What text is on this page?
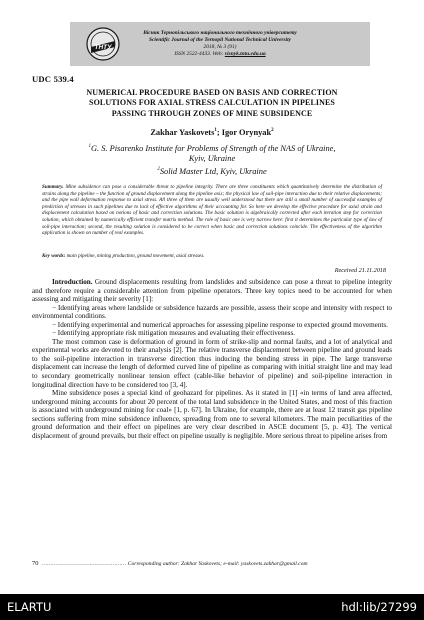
Вісник Тернопільського національного технічного університету
Scientific Journal of the Ternopil National Technical University
2018, № 3 (91)
ISSN 2522-4433. Web: visnyk.tntu.edu.ua
ТНТУ
UDC 539.4
NUMERICAL PROCEDURE BASED ON BASIS AND CORRECTION
SOLUTIONS FOR AXIAL STRESS CALCULATION IN PIPELINES
PASSING THROUGH ZONES OF MINE SUBSIDENCE
Zakhar Yaskovets$^1$; Igor Orynyak$^2$
$^1$G. S. Pisarenko Institute for Problems of Strength of the NAS of Ukraine,
Kyiv, Ukraine
$^2$Solid Master Ltd, Kyiv, Ukraine
Summary. Mine subsidence can pose a considerable threat to pipeline integrity. There are three constituents which quantitatively determine the distribution of strains along the pipeline – the function of ground displacement along the pipeline axis; the physical law of soil-pipe interaction due to their relative displacements; and the pipe wall deformation response to axial stress. All three of them are usually well understood but there are still a small number of successful examples of prediction of stresses in such pipelines due to lack of effective algorithms of their accounting for. So here we develop the effective procedure for axial strain and displacement calculation based on notions of basic and correction solutions. The basic solution is algebraically corrected after each iteration step for correction solution, which obtained by numerically efficient transfer matrix method. The role of basic one is very narrow here: first it determines the particular type of law of soil-pipe interaction; second, the resulting solution is considered to be correct when basic and correction solutions coincide. The effectiveness of the algorithm application is shown on number of real examples.
Key words: main pipeline, mining production, ground movement, axial stresses.
Received 21.11.2018

Introduction. Ground displacements resulting from landslides and subsidence can pose a threat to pipeline integrity and therefore require a considerable attention from pipeline operators. Three key topics need to be accounted for when assessing and mitigating their severity [1]:

− Identifying areas where landslide or subsidence hazards are possible, assess their scope and intensity with respect to environmental conditions.

− Identifying experimental and numerical approaches for assessing pipeline response to expected ground movements.

− Identifying appropriate risk mitigation measures and evaluating their effectiveness.

The most common case is deformation of ground in form of strike-slip and normal faults, and a lot of analytical and experimental works are devoted to their analysis [2]. The relative transverse displacement between pipeline and ground leads to the soil-pipeline interaction in transverse direction thus inducing the bending stress in pipe. The large transverse displacement can increase the length of deformed curved line of pipeline as comparing with initial straight line and may lead to secondary geometrically nonlinear tension effect (cable-like behavior of pipeline) and soil-pipeline interaction in longitudinal direction have to be considered too [3, 4].

Mine subsidence poses a special kind of geohazard for pipelines. As it stated in [1] «in terms of land area affected, underground mining accounts for about 20 percent of the total land subsidence in the United States, and most of this fraction is associated with underground mining for coal» [1, p. 67]. In Ukraine, for example, there are at least 12 transit gas pipeline sections suffering from mine subsidence influence, spreading from one to several kilometers. The main peculiarities of the ground deformation and their effect on pipelines are very clear described in ASCE document [5, p. 43]. The vertical displacement of ground prevails, but their effect on pipeline usually is negligible. More serious threat to pipeline arises from

70 …………………………………………… Corresponding author: Zakhar Yaskovets; e-mail: yaskovets.zakhar@gmail.com
ELARTU	hdl:lib/27299
